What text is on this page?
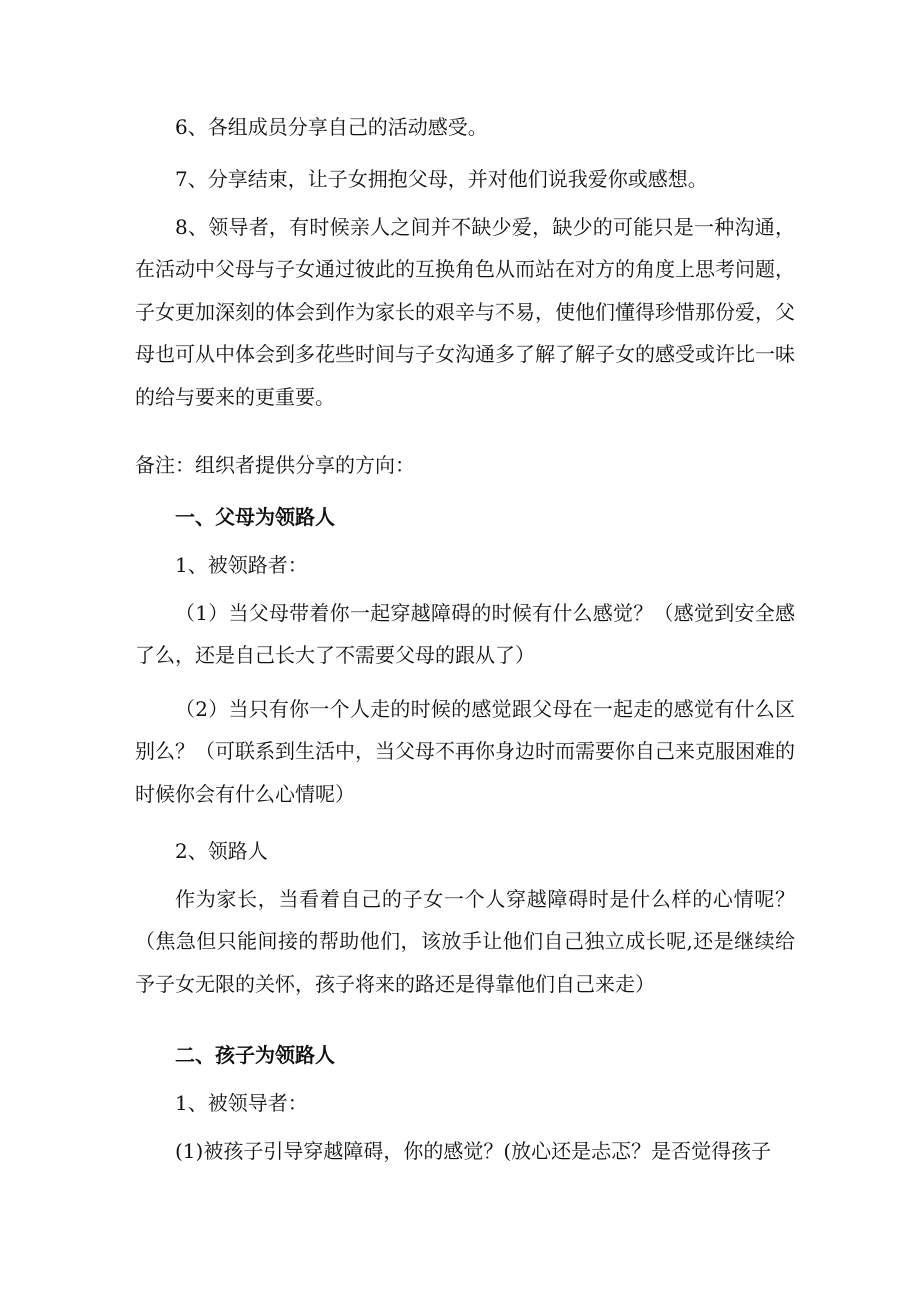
6、各组成员分享自己的活动感受。

7、分享结束，让子女拥抱父母，并对他们说我爱你或感想。

8、领导者，有时候亲人之间并不缺少爱，缺少的可能只是一种沟通，在活动中父母与子女通过彼此的互换角色从而站在对方的角度上思考问题，子女更加深刻的体会到作为家长的艰辛与不易，使他们懂得珍惜那份爱，父母也可从中体会到多花些时间与子女沟通多了解了解子女的感受或许比一味的给与要来的更重要。

备注：组织者提供分享的方向：

一、父母为领路人

1、被领路者：

（1）当父母带着你一起穿越障碍的时候有什么感觉？（感觉到安全感了么，还是自己长大了不需要父母的跟从了）

（2）当只有你一个人走的时候的感觉跟父母在一起走的感觉有什么区别么？（可联系到生活中，当父母不再你身边时而需要你自己来克服困难的时候你会有什么心情呢）

2、领路人

作为家长，当看着自己的子女一个人穿越障碍时是什么样的心情呢？（焦急但只能间接的帮助他们，该放手让他们自己独立成长呢,还是继续给予子女无限的关怀，孩子将来的路还是得靠他们自己来走）

二、孩子为领路人

1、被领导者：

(1)被孩子引导穿越障碍，你的感觉？(放心还是忐忑？是否觉得孩子
